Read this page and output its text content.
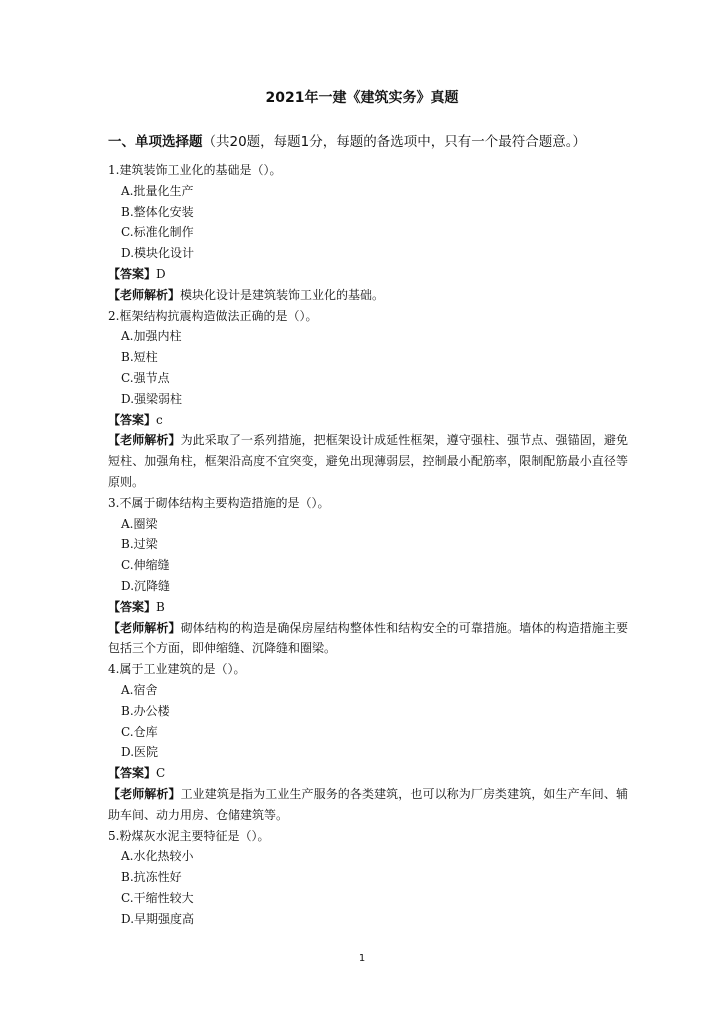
2021年一建《建筑实务》真题
一、单项选择题（共20题，每题1分，每题的备选项中，只有一个最符合题意。）
1.建筑装饰工业化的基础是（）。
A.批量化生产
B.整体化安装
C.标准化制作
D.模块化设计
【答案】D
【老师解析】模块化设计是建筑装饰工业化的基础。
2.框架结构抗震构造做法正确的是（）。
A.加强内柱
B.短柱
C.强节点
D.强梁弱柱
【答案】c
【老师解析】为此采取了一系列措施，把框架设计成延性框架，遵守强柱、强节点、强锚固，避免短柱、加强角柱，框架沿高度不宜突变，避免出现薄弱层，控制最小配筋率，限制配筋最小直径等原则。
3.不属于砌体结构主要构造措施的是（）。
A.圈梁
B.过梁
C.伸缩缝
D.沉降缝
【答案】B
【老师解析】砌体结构的构造是确保房屋结构整体性和结构安全的可靠措施。墙体的构造措施主要包括三个方面，即伸缩缝、沉降缝和圈梁。
4.属于工业建筑的是（）。
A.宿舍
B.办公楼
C.仓库
D.医院
【答案】C
【老师解析】工业建筑是指为工业生产服务的各类建筑，也可以称为厂房类建筑，如生产车间、辅助车间、动力用房、仓储建筑等。
5.粉煤灰水泥主要特征是（）。
A.水化热较小
B.抗冻性好
C.干缩性较大
D.早期强度高
1
